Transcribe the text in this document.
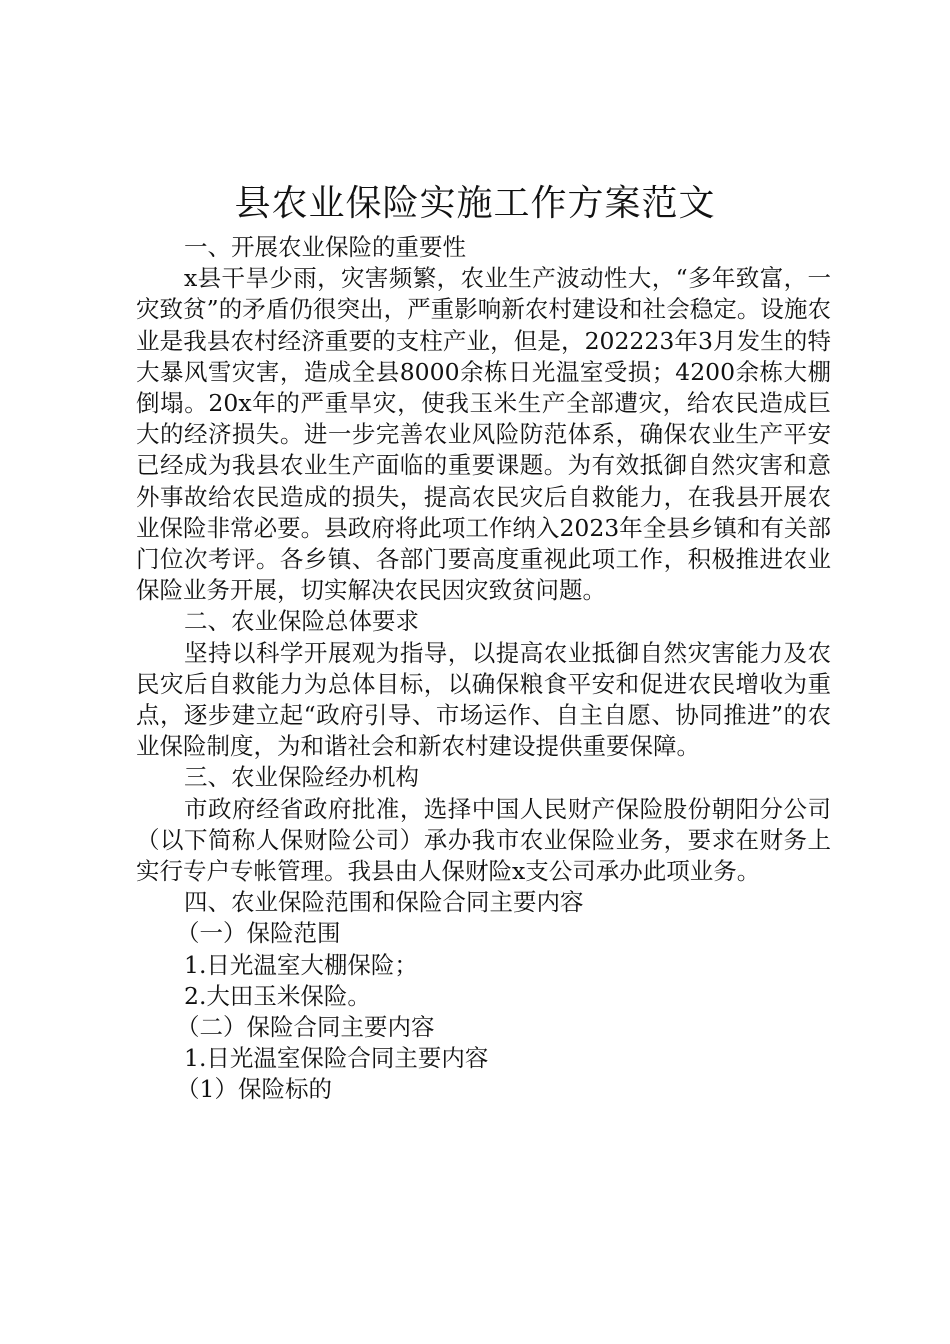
县农业保险实施工作方案范文

一、开展农业保险的重要性

x县干旱少雨，灾害频繁，农业生产波动性大，“多年致富，一灾致贫”的矛盾仍很突出，严重影响新农村建设和社会稳定。设施农业是我县农村经济重要的支柱产业，但是，202223年3月发生的特大暴风雪灾害，造成全县8000余栋日光温室受损；4200余栋大棚倒塌。20x年的严重旱灾，使我玉米生产全部遭灾，给农民造成巨大的经济损失。进一步完善农业风险防范体系，确保农业生产平安已经成为我县农业生产面临的重要课题。为有效抵御自然灾害和意外事故给农民造成的损失，提高农民灾后自救能力，在我县开展农业保险非常必要。县政府将此项工作纳入2023年全县乡镇和有关部门位次考评。各乡镇、各部门要高度重视此项工作，积极推进农业保险业务开展，切实解决农民因灾致贫问题。

二、农业保险总体要求

坚持以科学开展观为指导，以提高农业抵御自然灾害能力及农民灾后自救能力为总体目标，以确保粮食平安和促进农民增收为重点，逐步建立起“政府引导、市场运作、自主自愿、协同推进”的农业保险制度，为和谐社会和新农村建设提供重要保障。

三、农业保险经办机构

市政府经省政府批准，选择中国人民财产保险股份朝阳分公司（以下简称人保财险公司）承办我市农业保险业务，要求在财务上实行专户专帐管理。我县由人保财险x支公司承办此项业务。

四、农业保险范围和保险合同主要内容

（一）保险范围

1.日光温室大棚保险；

2.大田玉米保险。

（二）保险合同主要内容

1.日光温室保险合同主要内容

（1）保险标的
